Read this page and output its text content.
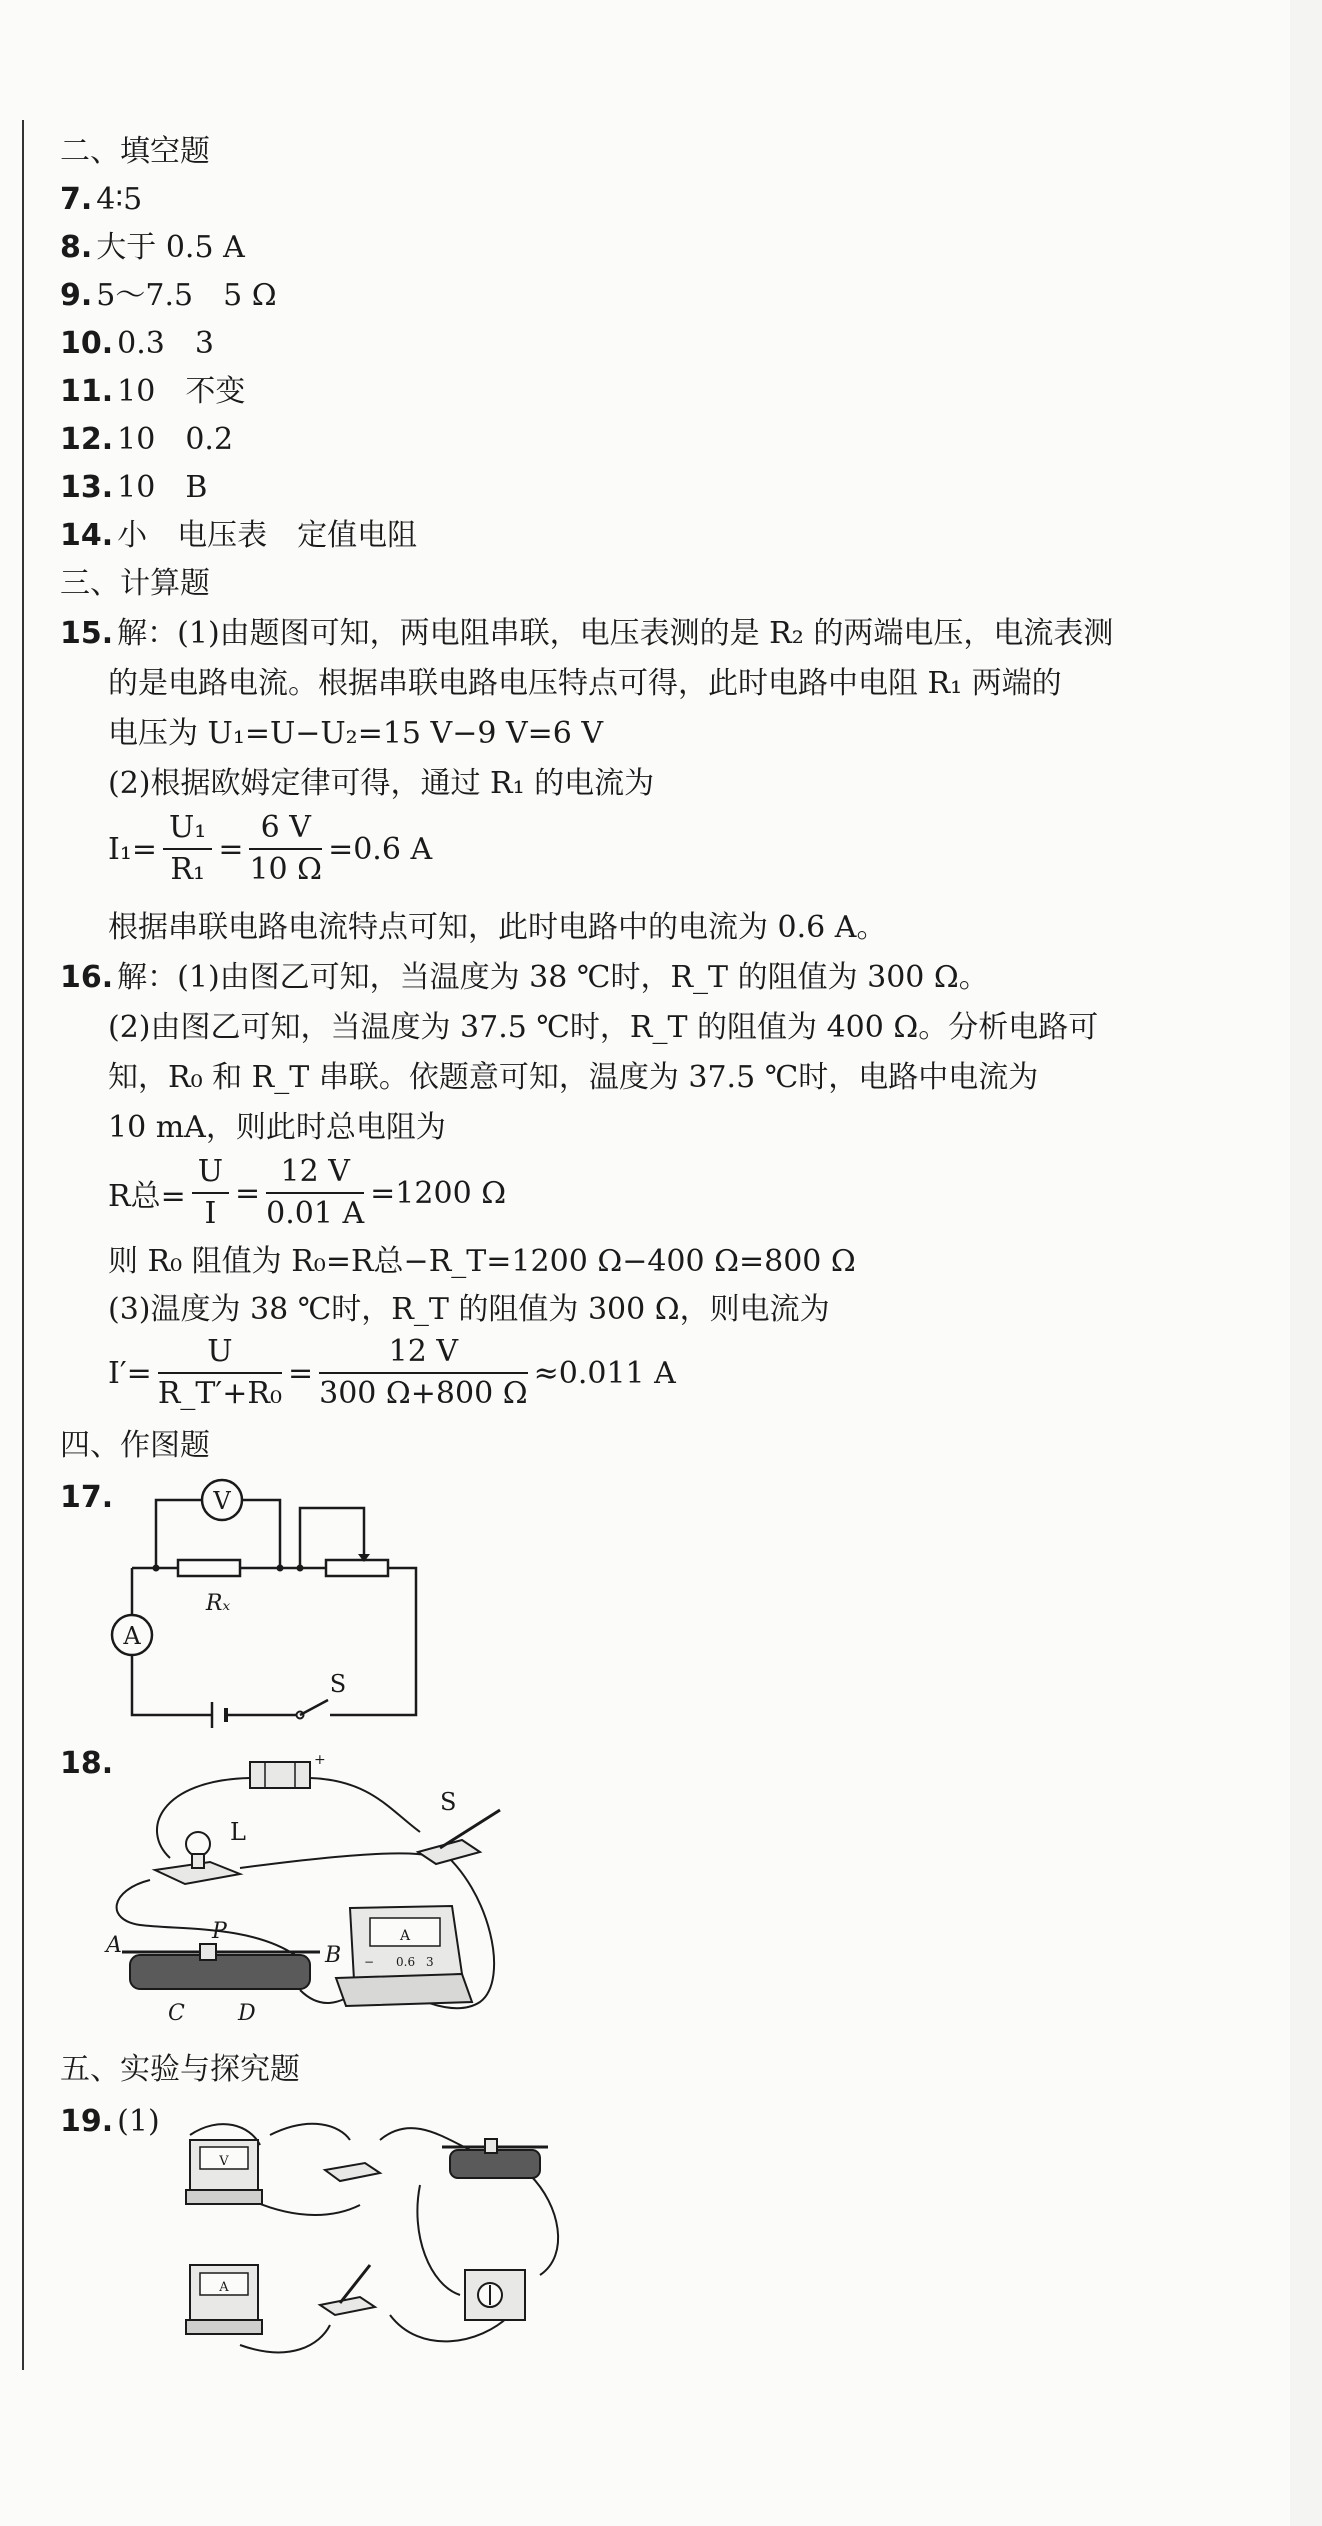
二、填空题
7. 4∶5
8. 大于 0.5 A
9. 5～7.5　5 Ω
10. 0.3　3
11. 10　不变
12. 10　0.2
13. 10　B
14. 小　电压表　定值电阻
三、计算题
15. 解：(1)由题图可知，两电阻串联，电压表测的是 R₂ 的两端电压，电流表测
的是电路电流。根据串联电路电压特点可得，此时电路中电阻 R₁ 两端的
电压为 U₁=U−U₂=15 V−9 V=6 V
(2)根据欧姆定律可得，通过 R₁ 的电流为
$I_1= \frac{\text{U₁}}{\text{R₁}} = \frac{6 V}{10 \Omega} =0.6$ A
根据串联电路电流特点可知，此时电路中的电流为 0.6 A。
16. 解：(1)由图乙可知，当温度为 38 ℃时，R_T 的阻值为 300 Ω。
(2)由图乙可知，当温度为 37.5 ℃时，R_T 的阻值为 400 Ω。分析电路可
知，R₀ 和 R_T 串联。依题意可知，温度为 37.5 ℃时，电路中电流为
10 mA，则此时总电阻为
R总= $\frac{U}{I} = \frac{12 V}{0.01 A} =1200$ Ω
则 R₀ 阻值为 R₀=R总−R_T=1200 Ω−400 Ω=800 Ω
(3)温度为 38 ℃时，R_T 的阻值为 300 Ω，则电流为
$I'= \frac{U}{\text{R\_T′+R₀}} = \frac{12 V}{300 \Omega+800 \Omega} \approx 0.011$ A
四、作图题
17.	V
Rₓ
A
S
18.	+
S
L
P
A	B
C D
A
− 0.6 3
五、实验与探究题
19. (1)
V
A
